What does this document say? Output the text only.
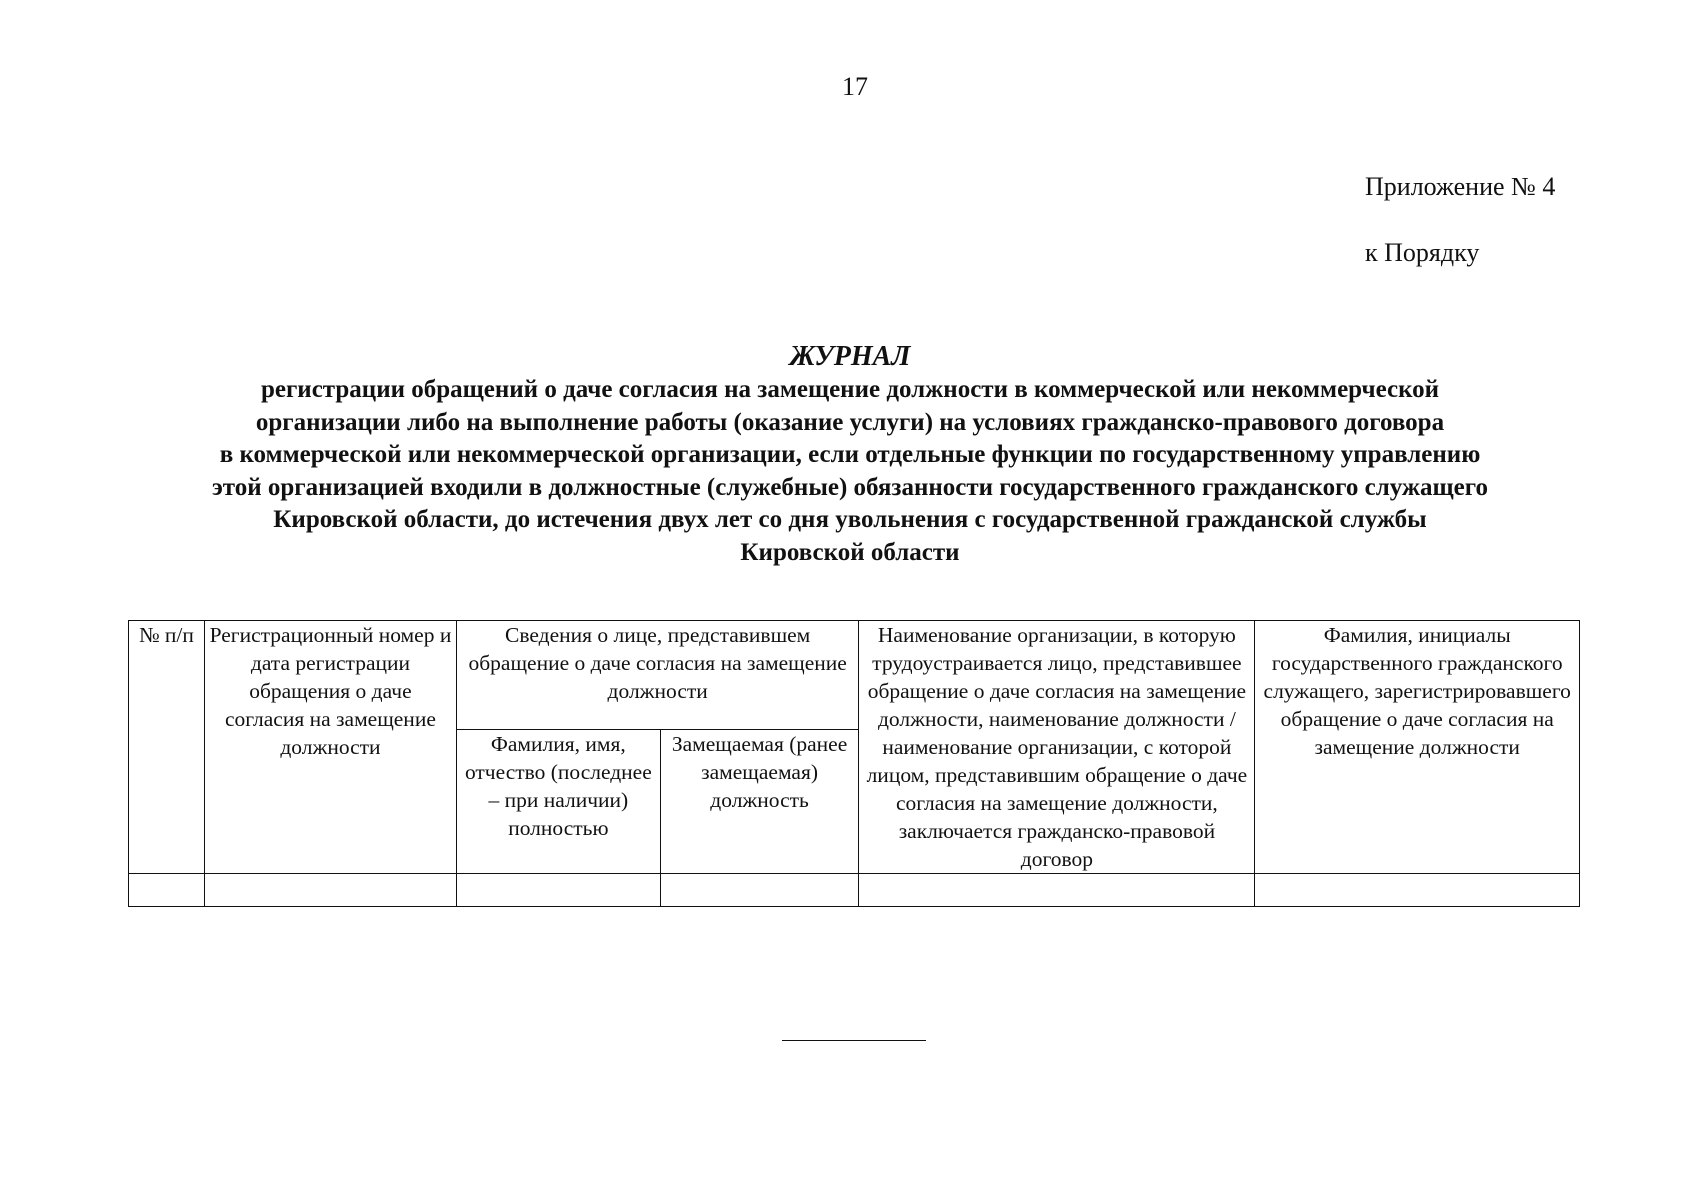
17
Приложение № 4
к Порядку
ЖУРНАЛ
регистрации обращений о даче согласия на замещение должности в коммерческой или некоммерческой
организации либо на выполнение работы (оказание услуги) на условиях гражданско-правового договора
в коммерческой или некоммерческой организации, если отдельные функции по государственному управлению
этой организацией входили в должностные (служебные) обязанности государственного гражданского служащего
Кировской области, до истечения двух лет со дня увольнения с государственной гражданской службы
Кировской области
№ п/п	Регистрационный номер и дата регистрации обращения о даче согласия на замещение должности	Сведения о лице, представившем обращение о даче согласия на замещение должности		Наименование организации, в которую трудоустраивается лицо, представившее обращение о даче согласия на замещение должности, наименование должности / наименование организации, с которой лицом, представившим обращение о даче согласия на замещение должности, заключается гражданско-правовой договор	Фамилия, инициалы государственного гражданского служащего, зарегистрировавшего обращение о даче согласия на замещение должности

		Фамилия, имя, отчество (последнее – при наличии) полностью	Замещаемая (ранее замещаемая) должность		
